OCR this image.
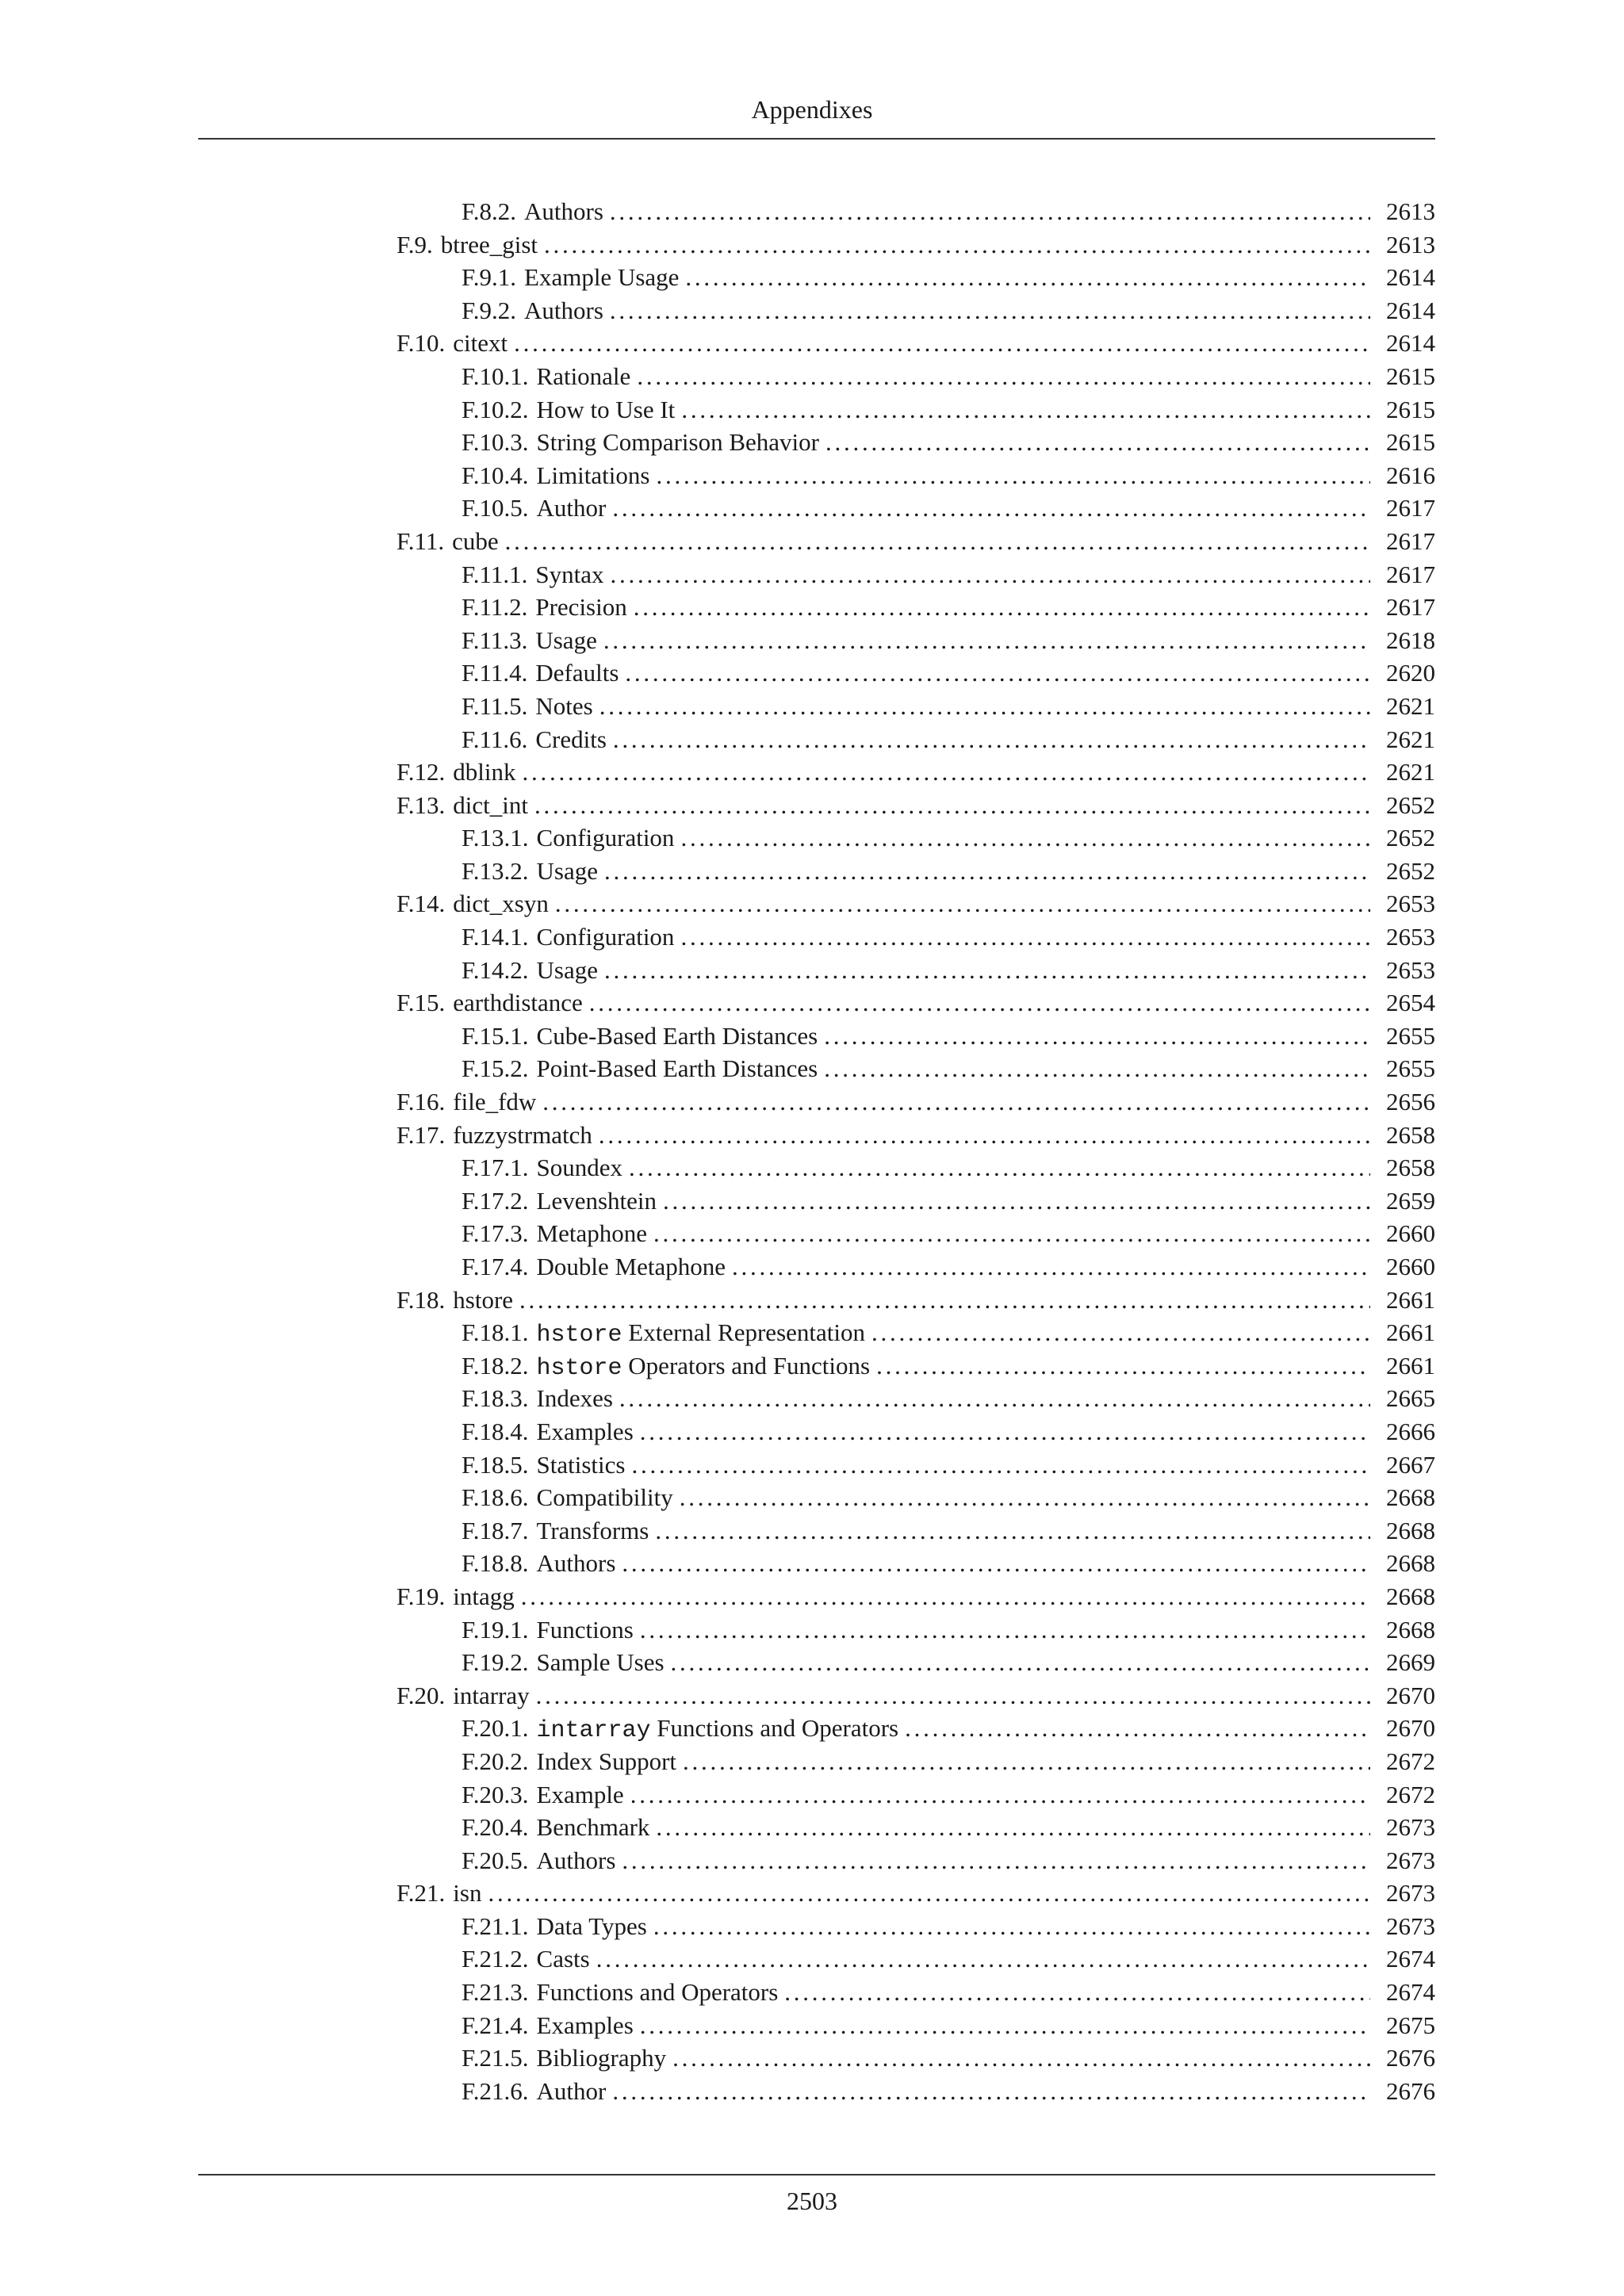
Appendixes
F.8.2. Authors . . .	2613
F.9. btree_gist . . .	2613
F.9.1. Example Usage . . .	2614
F.9.2. Authors . . .	2614
F.10. citext . . .	2614
F.10.1. Rationale . . .	2615
F.10.2. How to Use It . . .	2615
F.10.3. String Comparison Behavior . . .	2615
F.10.4. Limitations . . .	2616
F.10.5. Author . . .	2617
F.11. cube . . .	2617
F.11.1. Syntax . . .	2617
F.11.2. Precision . . .	2617
F.11.3. Usage . . .	2618
F.11.4. Defaults . . .	2620
F.11.5. Notes . . .	2621
F.11.6. Credits . . .	2621
F.12. dblink . . .	2621
F.13. dict_int . . .	2652
F.13.1. Configuration . . .	2652
F.13.2. Usage . . .	2652
F.14. dict_xsyn . . .	2653
F.14.1. Configuration . . .	2653
F.14.2. Usage . . .	2653
F.15. earthdistance . . .	2654
F.15.1. Cube-Based Earth Distances . . .	2655
F.15.2. Point-Based Earth Distances . . .	2655
F.16. file_fdw . . .	2656
F.17. fuzzystrmatch . . .	2658
F.17.1. Soundex . . .	2658
F.17.2. Levenshtein . . .	2659
F.17.3. Metaphone . . .	2660
F.17.4. Double Metaphone . . .	2660
F.18. hstore . . .	2661
F.18.1. hstore External Representation . . .	2661
F.18.2. hstore Operators and Functions . . .	2661
F.18.3. Indexes . . .	2665
F.18.4. Examples . . .	2666
F.18.5. Statistics . . .	2667
F.18.6. Compatibility . . .	2668
F.18.7. Transforms . . .	2668
F.18.8. Authors . . .	2668
F.19. intagg . . .	2668
F.19.1. Functions . . .	2668
F.19.2. Sample Uses . . .	2669
F.20. intarray . . .	2670
F.20.1. intarray Functions and Operators . . .	2670
F.20.2. Index Support . . .	2672
F.20.3. Example . . .	2672
F.20.4. Benchmark . . .	2673
F.20.5. Authors . . .	2673
F.21. isn . . .	2673
F.21.1. Data Types . . .	2673
F.21.2. Casts . . .	2674
F.21.3. Functions and Operators . . .	2674
F.21.4. Examples . . .	2675
F.21.5. Bibliography . . .	2676
F.21.6. Author . . .	2676
2503
